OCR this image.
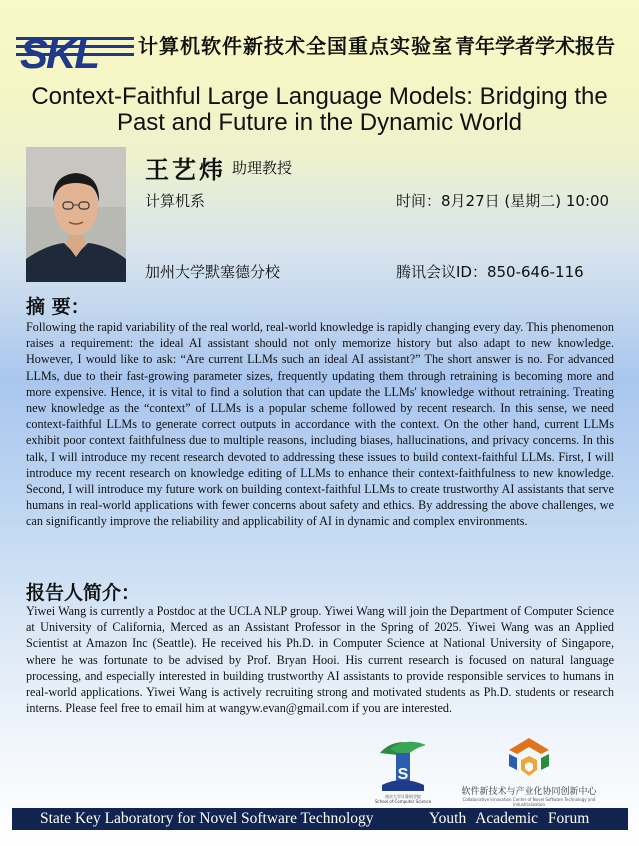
SKL 计算机软件新技术全国重点实验室 青年学者学术报告
Context-Faithful Large Language Models: Bridging the
Past and Future in the Dynamic World
王艺炜 助理教授
计算机系	时间：8月27日 (星期二) 10:00
加州大学默塞德分校	腾讯会议ID：850-646-116
摘 要：

Following the rapid variability of the real world, real-world knowledge is rapidly changing every day. This phenomenon raises a requirement: the ideal AI assistant should not only memorize history but also adapt to new knowledge. However, I would like to ask: “Are current LLMs such an ideal AI assistant?” The short answer is no. For advanced LLMs, due to their fast-growing parameter sizes, frequently updating them through retraining is becoming more and more expensive. Hence, it is vital to find a solution that can update the LLMs' knowledge without retraining. Treating new knowledge as the “context” of LLMs is a popular scheme followed by recent research. In this sense, we need context-faithful LLMs to generate correct outputs in accordance with the context. On the other hand, current LLMs exhibit poor context faithfulness due to multiple reasons, including biases, hallucinations, and privacy concerns. In this talk, I will introduce my recent research devoted to addressing these issues to build context-faithful LLMs. First, I will introduce my recent research on knowledge editing of LLMs to enhance their context-faithfulness to new knowledge. Second, I will introduce my future work on building context-faithful LLMs to create trustworthy AI assistants that serve humans in real-world applications with fewer concerns about safety and ethics. By addressing the above challenges, we can significantly improve the reliability and applicability of AI in dynamic and complex environments.

报告人简介：

Yiwei Wang is currently a Postdoc at the UCLA NLP group. Yiwei Wang will join the Department of Computer Science at University of California, Merced as an Assistant Professor in the Spring of 2025. Yiwei Wang was an Applied Scientist at Amazon Inc (Seattle). He received his Ph.D. in Computer Science at National University of Singapore, where he was fortunate to be advised by Prof. Bryan Hooi. His current research is focused on natural language processing, and especially interested in building trustworthy AI assistants to provide responsible services to humans in real-world applications. Yiwei Wang is actively recruiting strong and motivated students as Ph.D. students or research interns. Please feel free to email him at wangyw.evan@gmail.com if you are interested.

S
南京大学计算机学院
School of Computer Science
软件新技术与产业化协同创新中心
Collaborative Innovation Center of Novel Software Technology and Industrialization
State Key Laboratory for Novel Software Technology	Youth Academic Forum
